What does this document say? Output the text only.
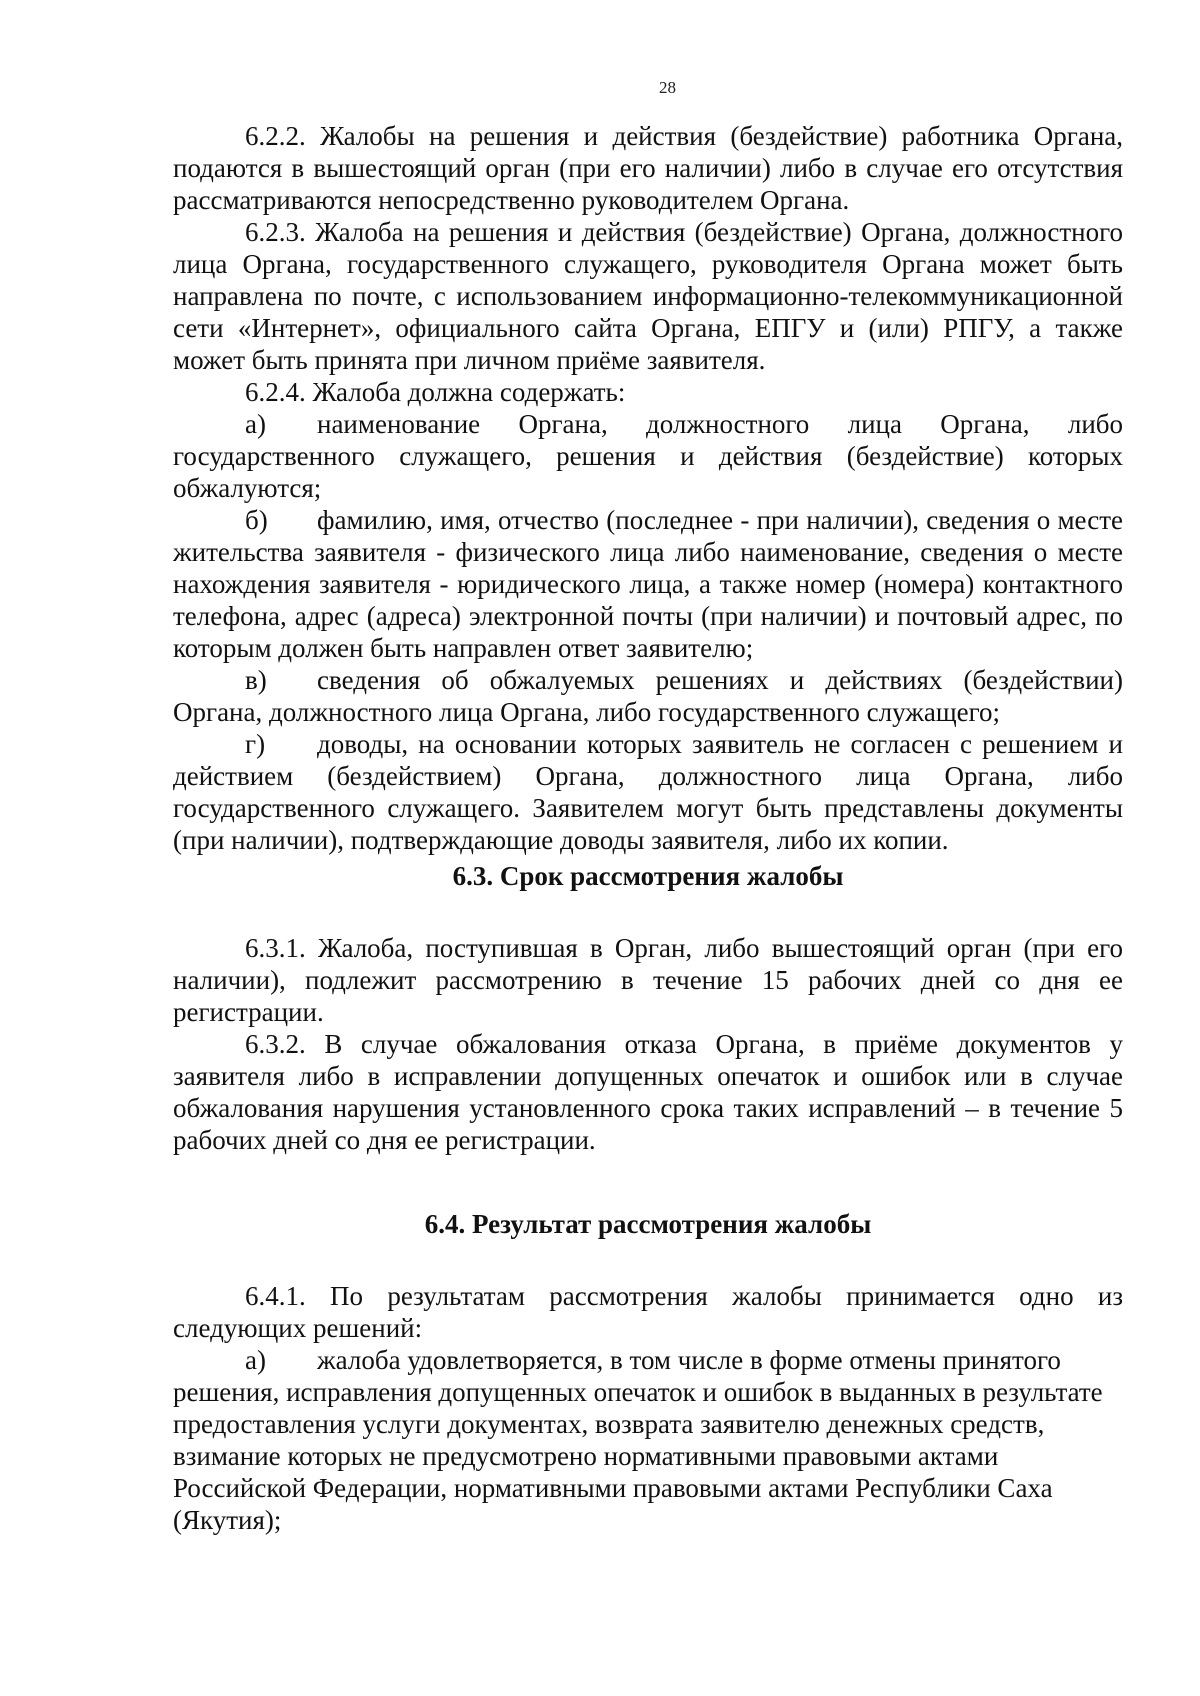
28

6.2.2. Жалобы на решения и действия (бездействие) работника Органа, подаются в вышестоящий орган (при его наличии) либо в случае его отсутствия рассматриваются непосредственно руководителем Органа.

6.2.3. Жалоба на решения и действия (бездействие) Органа, должностного лица Органа, государственного служащего, руководителя Органа может быть направлена по почте, с использованием информационно-телекоммуникационной сети «Интернет», официального сайта Органа, ЕПГУ и (или) РПГУ, а также может быть принята при личном приёме заявителя.

6.2.4. Жалоба должна содержать:

а) наименование Органа, должностного лица Органа, либо государственного служащего, решения и действия (бездействие) которых обжалуются;

б) фамилию, имя, отчество (последнее - при наличии), сведения о месте жительства заявителя - физического лица либо наименование, сведения о месте нахождения заявителя - юридического лица, а также номер (номера) контактного телефона, адрес (адреса) электронной почты (при наличии) и почтовый адрес, по которым должен быть направлен ответ заявителю;

в) сведения об обжалуемых решениях и действиях (бездействии) Органа, должностного лица Органа, либо государственного служащего;

г) доводы, на основании которых заявитель не согласен с решением и действием (бездействием) Органа, должностного лица Органа, либо государственного служащего. Заявителем могут быть представлены документы (при наличии), подтверждающие доводы заявителя, либо их копии.

6.3. Срок рассмотрения жалобы

6.3.1. Жалоба, поступившая в Орган, либо вышестоящий орган (при его наличии), подлежит рассмотрению в течение 15 рабочих дней со дня ее регистрации.

6.3.2. В случае обжалования отказа Органа, в приёме документов у заявителя либо в исправлении допущенных опечаток и ошибок или в случае обжалования нарушения установленного срока таких исправлений – в течение 5 рабочих дней со дня ее регистрации.

6.4. Результат рассмотрения жалобы

6.4.1. По результатам рассмотрения жалобы принимается одно из следующих решений:

а) жалоба удовлетворяется, в том числе в форме отмены принятого решения, исправления допущенных опечаток и ошибок в выданных в результате предоставления услуги документах, возврата заявителю денежных средств, взимание которых не предусмотрено нормативными правовыми актами Российской Федерации, нормативными правовыми актами Республики Саха (Якутия);
